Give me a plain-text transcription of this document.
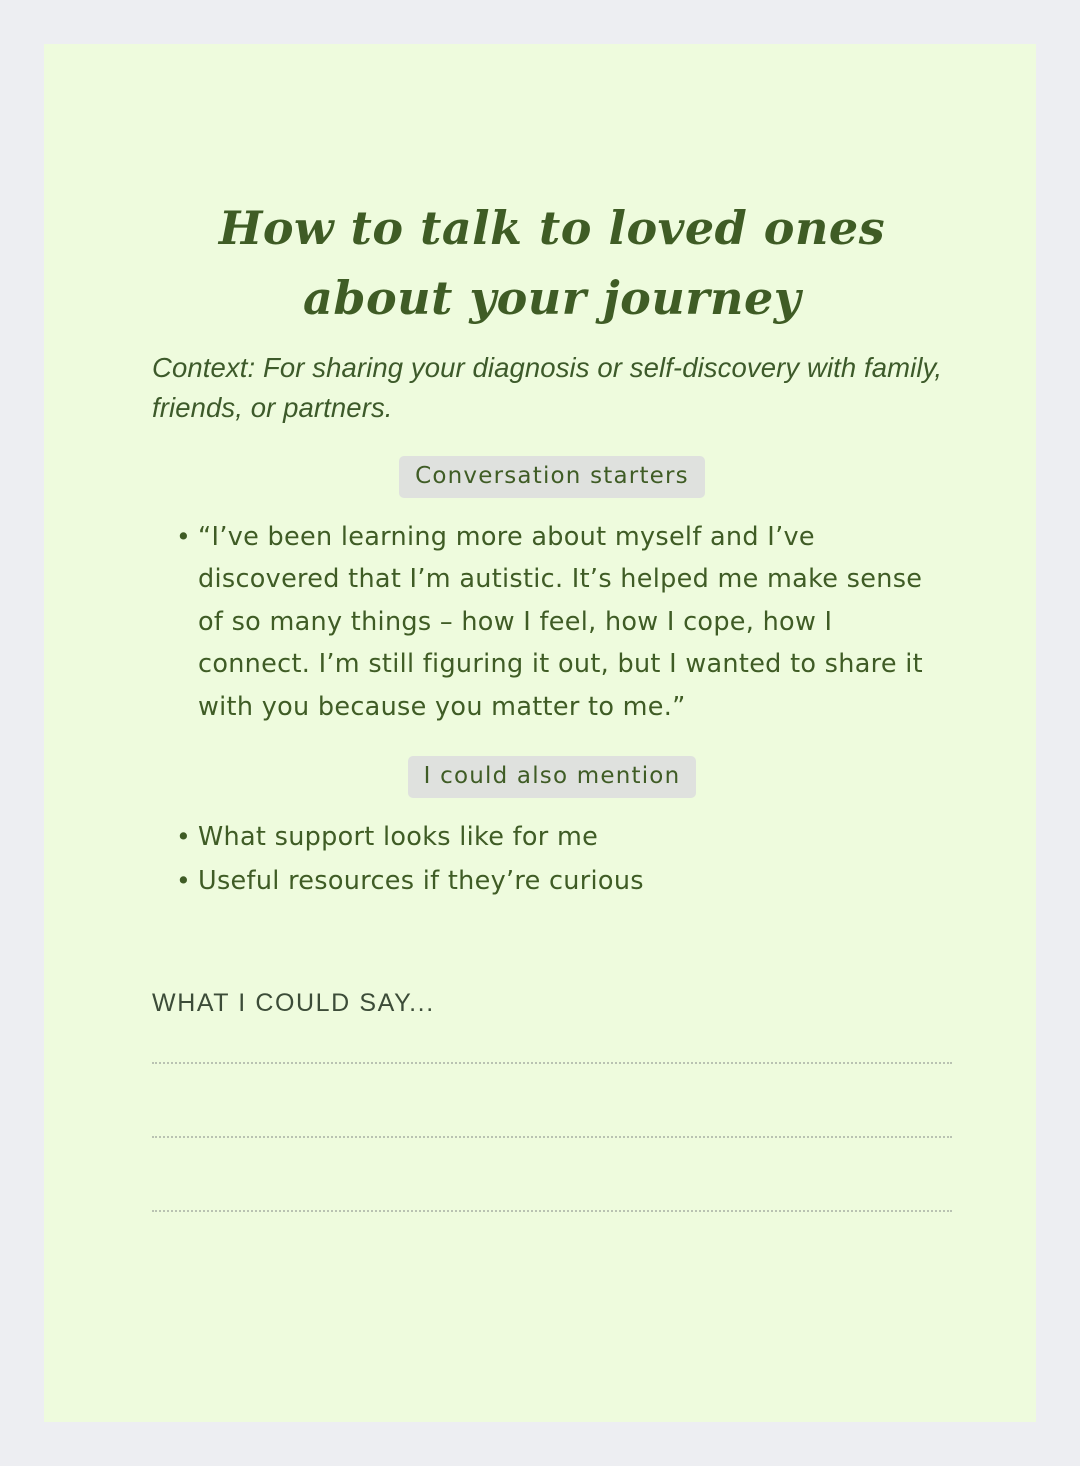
How to talk to loved ones about your journey

Context: For sharing your diagnosis or self-discovery with family, friends, or partners.

Conversation starters
• “I’ve been learning more about myself and I’ve discovered that I’m autistic. It’s helped me make sense of so many things – how I feel, how I cope, how I connect. I’m still figuring it out, but I wanted to share it with you because you matter to me.”
I could also mention
• What support looks like for me
• Useful resources if they’re curious
WHAT I COULD SAY...
